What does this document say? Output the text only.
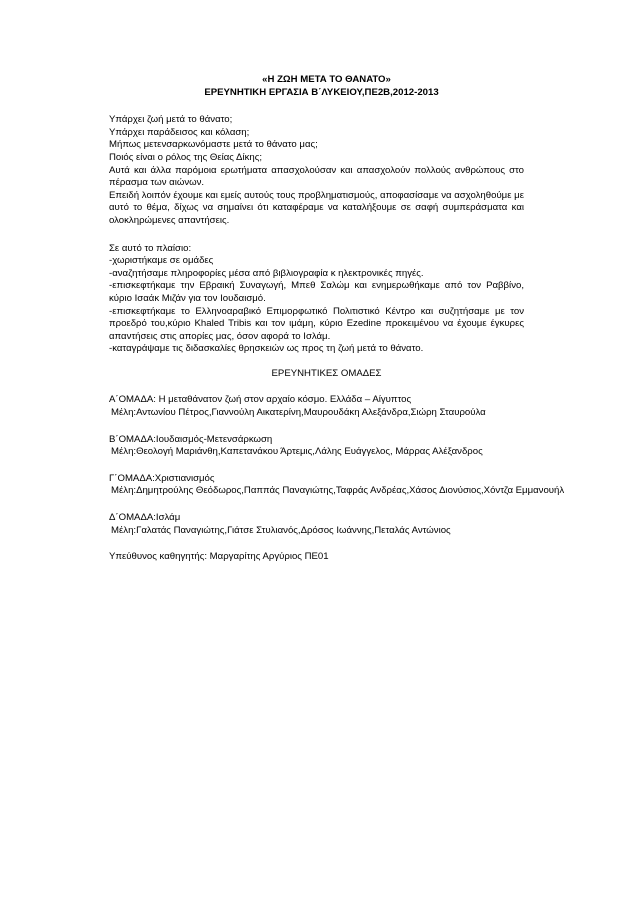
«Η ΖΩΗ ΜΕΤΑ ΤΟ ΘΑΝΑΤΟ»
ΕΡΕΥΝΗΤΙΚΗ ΕΡΓΑΣΙΑ Β΄ΛΥΚΕΙΟΥ,ΠΕ2Β,2012-2013

Υπάρχει ζωή μετά το θάνατο;

Υπάρχει παράδεισος και κόλαση;

Μήπως μετενσαρκωνόμαστε μετά το θάνατο μας;

Ποιός είναι ο ρόλος της Θείας Δίκης;

Αυτά και άλλα παρόμοια ερωτήματα απασχολούσαν και απασχολούν πολλούς ανθρώπους στο πέρασμα των αιώνων.

Επειδή λοιπόν έχουμε και εμείς αυτούς τους προβληματισμούς, αποφασίσαμε να ασχοληθούμε με αυτό το θέμα, δίχως να σημαίνει ότι καταφέραμε να καταλήξουμε σε σαφή συμπεράσματα και ολοκληρώμενες απαντήσεις.

Σε αυτό το πλαίσιο:

-χωριστήκαμε σε ομάδες

-αναζητήσαμε πληροφορίες μέσα από βιβλιογραφία κ ηλεκτρονικές πηγές.

-επισκεφτήκαμε την Εβραική Συναγωγή, Μπεθ Σαλώμ και ενημερωθήκαμε από τον Ραββίνο, κύριο Ισαάκ Μιζάν για τον Ιουδαισμό.

-επισκεφτήκαμε το Ελληνοαραβικό Επιμορφωτικό Πολιτιστικό Κέντρο και συζητήσαμε με τον προεδρό του,κύριο Khaled Tribis και τον ιμάμη, κύριο Ezedine προκειμένου να έχουμε έγκυρες απαντήσεις στις απορίες μας, όσον αφορά το Ισλάμ.

-καταγράψαμε τις διδασκαλίες θρησκειών ως προς τη ζωή μετά το θάνατο.

ΕΡΕΥΝΗΤΙΚΕΣ ΟΜΑΔΕΣ

Α΄ΟΜΑΔΑ: Η μεταθάνατον ζωή στον αρχαίο κόσμο. Ελλάδα – Αίγυπτος

Μέλη:Αντωνίου Πέτρος,Γιαννούλη Αικατερίνη,Μαυρουδάκη Αλεξάνδρα,Σιώρη Σταυρούλα

Β΄ΟΜΑΔΑ:Ιουδαισμός-Μετενσάρκωση

Μέλη:Θεολογή Μαριάνθη,Καπετανάκου Άρτεμις,Λάλης Ευάγγελος, Μάρρας Αλέξανδρος

Γ΄ΟΜΑΔΑ:Χριστιανισμός

Μέλη:Δημητρούλης Θεόδωρος,Παππάς Παναγιώτης,Ταφράς Ανδρέας,Χάσος Διονύσιος,Χόντζα Εμμανουήλ

Δ΄ΟΜΑΔΑ:Ισλάμ

Μέλη:Γαλατάς Παναγιώτης,Γιάτσε Στυλιανός,Δρόσος Ιωάννης,Πεταλάς Αντώνιος

Υπεύθυνος καθηγητής: Μαργαρίτης Αργύριος ΠΕ01
